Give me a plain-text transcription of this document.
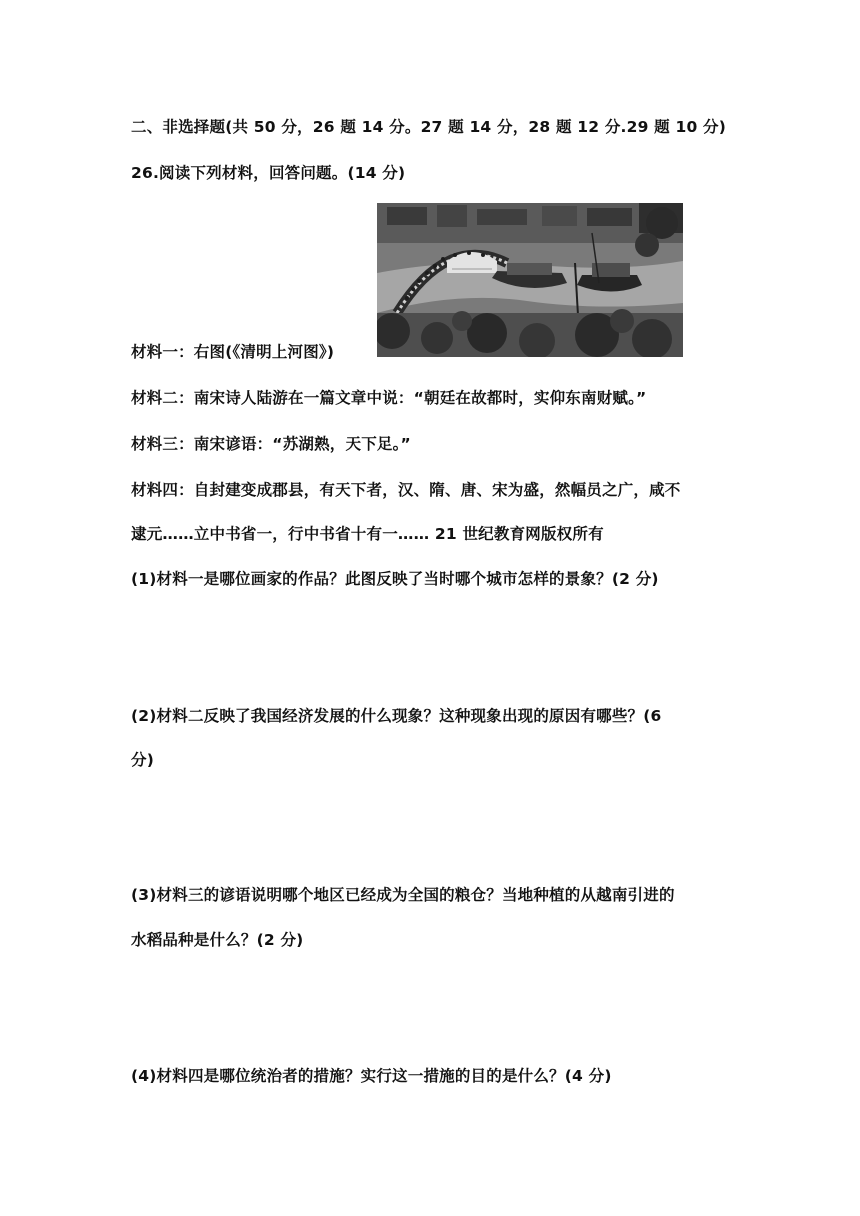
二、非选择题(共 50 分，26 题 14 分。27 题 14 分，28 题 12 分.29 题 10 分)
26.阅读下列材料，回答问题。(14 分)
材料一：右图(《清明上河图》)
材料二：南宋诗人陆游在一篇文章中说：“朝廷在故都时，实仰东南财赋。”
材料三：南宋谚语：“苏湖熟，天下足。”
材料四：自封建变成郡县，有天下者，汉、隋、唐、宋为盛，然幅员之广，咸不
逮元……立中书省一，行中书省十有一…… 21 世纪教育网版权所有
(1)材料一是哪位画家的作品？此图反映了当时哪个城市怎样的景象？(2 分)
(2)材料二反映了我国经济发展的什么现象？这种现象出现的原因有哪些？(6
分)
(3)材料三的谚语说明哪个地区已经成为全国的粮仓？当地种植的从越南引进的
水稻品种是什么？(2 分)
(4)材料四是哪位统治者的措施？实行这一措施的目的是什么？(4 分)
